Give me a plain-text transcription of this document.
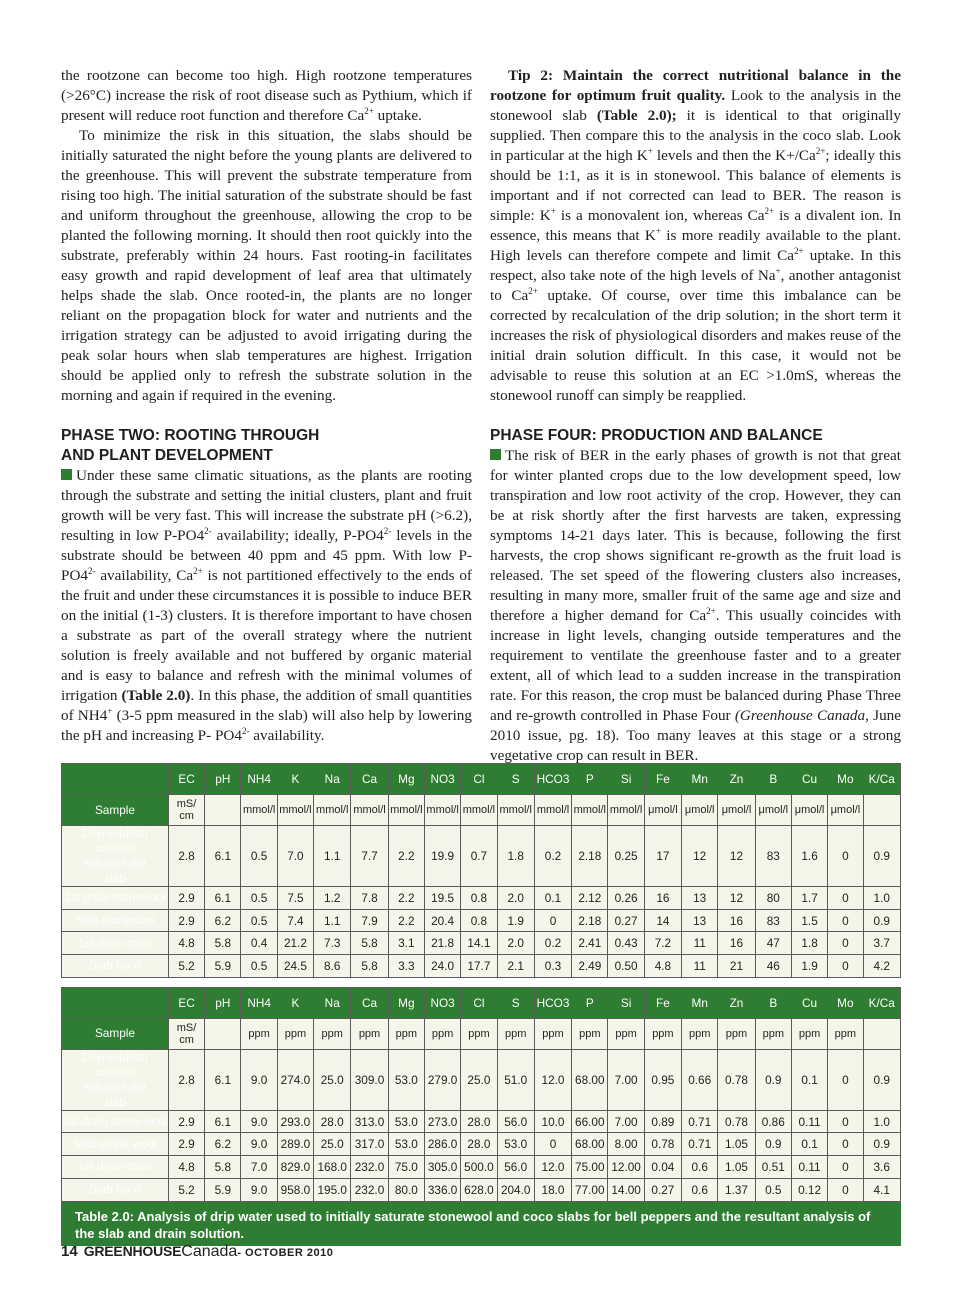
the rootzone can become too high. High rootzone temperatures (>26°C) increase the risk of root disease such as Pythium, which if present will reduce root function and therefore $Ca^{2+}$ uptake.

To minimize the risk in this situation, the slabs should be initially saturated the night before the young plants are delivered to the greenhouse. This will prevent the substrate temperature from rising too high. The initial saturation of the substrate should be fast and uniform throughout the greenhouse, allowing the crop to be planted the following morning. It should then root quickly into the substrate, preferably within 24 hours. Fast rooting-in facilitates easy growth and rapid development of leaf area that ultimately helps shade the slab. Once rooted-in, the plants are no longer reliant on the propagation block for water and nutrients and the irrigation strategy can be adjusted to avoid irrigating during the peak solar hours when slab temperatures are highest. Irrigation should be applied only to refresh the substrate solution in the morning and again if required in the evening.

PHASE TWO: ROOTING THROUGH
AND PLANT DEVELOPMENT

Under these same climatic situations, as the plants are rooting through the substrate and setting the initial clusters, plant and fruit growth will be very fast. This will increase the substrate pH (>6.2), resulting in low $P-PO4^{2-}$ availability; ideally, $P-PO4^{2-}$ levels in the substrate should be between 40 ppm and 45 ppm. With low $P-PO4^{2-}$ availability, $Ca^{2+}$ is not partitioned effectively to the ends of the fruit and under these circumstances it is possible to induce BER on the initial (1-3) clusters. It is therefore important to have chosen a substrate as part of the overall strategy where the nutrient solution is freely available and not buffered by organic material and is easy to balance and refresh with the minimal volumes of irrigation (Table 2.0). In this phase, the addition of small quantities of NH4+ (3-5 ppm measured in the slab) will also help by lowering the pH and increasing P- $PO4^{2-}$ availability.

Tip 2: Maintain the correct nutritional balance in the rootzone for optimum fruit quality. Look to the analysis in the stonewool slab (Table 2.0); it is identical to that originally supplied. Then compare this to the analysis in the coco slab. Look in particular at the high K+ levels and then the $K+/Ca^{2+}$; ideally this should be 1:1, as it is in stonewool. This balance of elements is important and if not corrected can lead to BER. The reason is simple: K+ is a monovalent ion, whereas $Ca^{2+}$ is a divalent ion. In essence, this means that K+ is more readily available to the plant. High levels can therefore compete and limit $Ca^{2+}$ uptake. In this respect, also take note of the high levels of Na+, another antagonist to $Ca^{2+}$ uptake. Of course, over time this imbalance can be corrected by recalculation of the drip solution; in the short term it increases the risk of physiological disorders and makes reuse of the initial drain solution difficult. In this case, it would not be advisable to reuse this solution at an EC >1.0mS, whereas the stonewool runoff can simply be reapplied.

PHASE FOUR: PRODUCTION AND BALANCE

The risk of BER in the early phases of growth is not that great for winter planted crops due to the low development speed, low transpiration and low root activity of the crop. However, they can be at risk shortly after the first harvests are taken, expressing symptoms 14-21 days later. This is because, following the first harvests, the crop shows significant re-growth as the fruit load is released. The set speed of the flowering clusters also increases, resulting in many more, smaller fruit of the same age and size and therefore a higher demand for $Ca^{2+}$. This usually coincides with increase in light levels, changing outside temperatures and the requirement to ventilate the greenhouse faster and to a greater extent, all of which lead to a sudden increase in the transpiration rate. For this reason, the crop must be balanced during Phase Three and re-growth controlled in Phase Four (Greenhouse Canada, June 2010 issue, pg. 18). Too many leaves at this stage or a strong vegetative crop can result in BER.

	EC	pH	NH4	K	Na	Ca	Mg	NO3	Cl	S	HCO3	P	Si	Fe	Mn	Zn	B	Cu	Mo	K/Ca
Sample	mS/ cm		mmol/l	mmol/l	mmol/l	mmol/l	mmol/l	mmol/l	mmol/l	mmol/l	mmol/l	mmol/l	mmol/l	μmol/l	μmol/l	μmol/l	μmol/l	μmol/l	μmol/l	
Drip solution used to saturate the slab	2.8	6.1	0.5	7.0	1.1	7.7	2.2	19.9	0.7	1.8	0.2	2.18	0.25	17	12	12	83	1.6	0	0.9
1st drain stonewool	2.9	6.1	0.5	7.5	1.2	7.8	2.2	19.5	0.8	2.0	0.1	2.12	0.26	16	13	12	80	1.7	0	1.0
Slab stonewool	2.9	6.2	0.5	7.4	1.1	7.9	2.2	20.4	0.8	1.9	0	2.18	0.27	14	13	16	83	1.5	0	0.9
1st drain coco	4.8	5.8	0.4	21.2	7.3	5.8	3.1	21.8	14.1	2.0	0.2	2.41	0.43	7.2	11	16	47	1.8	0	3.7
Slab coco	5.2	5.9	0.5	24.5	8.6	5.8	3.3	24.0	17.7	2.1	0.3	2.49	0.50	4.8	11	21	46	1.9	0	4.2
	EC	pH	NH4	K	Na	Ca	Mg	NO3	Cl	S	HCO3	P	Si	Fe	Mn	Zn	B	Cu	Mo	K/Ca
Sample	mS/ cm		ppm	ppm	ppm	ppm	ppm	ppm	ppm	ppm	ppm	ppm	ppm	ppm	ppm	ppm	ppm	ppm	ppm	
Drip solution used to saturate the slab	2.8	6.1	9.0	274.0	25.0	309.0	53.0	279.0	25.0	51.0	12.0	68.00	7.00	0.95	0.66	0.78	0.9	0.1	0	0.9
1st drain stone wool	2.9	6.1	9.0	293.0	28.0	313.0	53.0	273.0	28.0	56.0	10.0	66.00	7.00	0.89	0.71	0.78	0.86	0.11	0	1.0
Slab stone wool	2.9	6.2	9.0	289.0	25.0	317.0	53.0	286.0	28.0	53.0	0	68.00	8.00	0.78	0.71	1.05	0.9	0.1	0	0.9
1st drain coco	4.8	5.8	7.0	829.0	168.0	232.0	75.0	305.0	500.0	56.0	12.0	75.00	12.00	0.04	0.6	1.05	0.51	0.11	0	3.6
Slab coco	5.2	5.9	9.0	958.0	195.0	232.0	80.0	336.0	628.0	204.0	18.0	77.00	14.00	0.27	0.6	1.37	0.5	0.12	0	4.1
Table 2.0: Analysis of drip water used to initially saturate stonewool and coco slabs for bell peppers and the resultant analysis of the slab and drain solution.
14 GREENHOUSECanada- OCTOBER 2010
